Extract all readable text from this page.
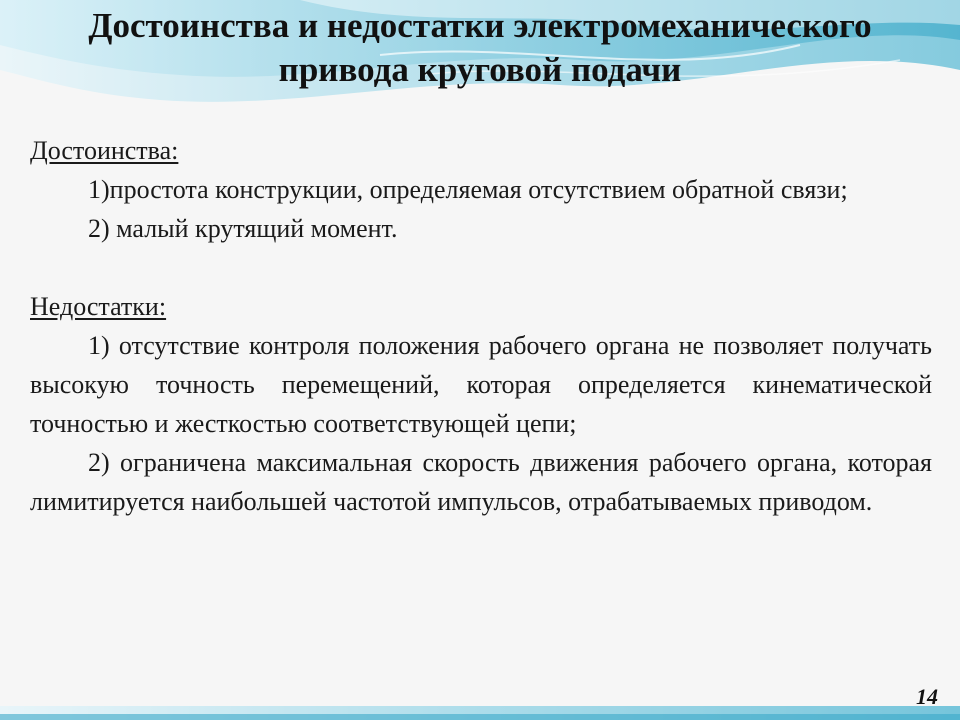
Достоинства и недостатки электромеханического
привода круговой подачи

Достоинства:

1)простота конструкции, определяемая отсутствием обратной связи;

2) малый крутящий момент.

Недостатки:

1) отсутствие контроля положения рабочего органа не позволяет получать высокую точность перемещений, которая определяется кинематической точностью и жесткостью соответствующей цепи;

2) ограничена максимальная скорость движения рабочего органа, которая лимитируется наибольшей частотой импульсов, отрабатываемых приводом.

14
